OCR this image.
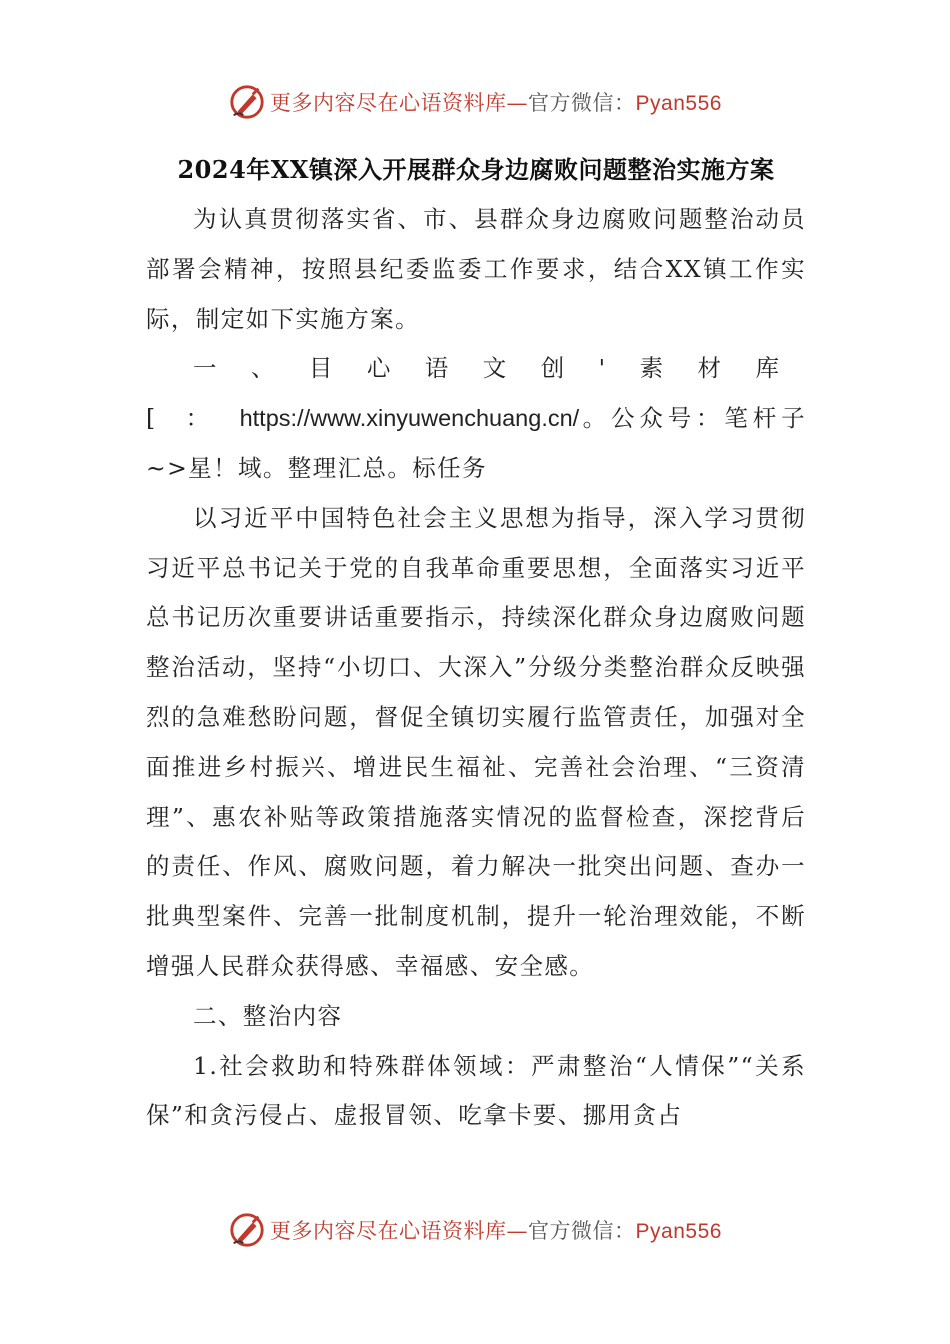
更多内容尽在心语资料库—官方微信：Pyan556
2024年XX镇深入开展群众身边腐败问题整治实施方案

为认真贯彻落实省、市、县群众身边腐败问题整治动员部署会精神，按照县纪委监委工作要求，结合XX镇工作实际，制定如下实施方案。

一、目心语文创'素材库[：https://www.xinyuwenchuang.cn/。公众号：笔杆子~>星！域。整理汇总。标任务

以习近平中国特色社会主义思想为指导，深入学习贯彻习近平总书记关于党的自我革命重要思想，全面落实习近平总书记历次重要讲话重要指示，持续深化群众身边腐败问题整治活动，坚持“小切口、大深入”分级分类整治群众反映强烈的急难愁盼问题，督促全镇切实履行监管责任，加强对全面推进乡村振兴、增进民生福祉、完善社会治理、“三资清理”、惠农补贴等政策措施落实情况的监督检查，深挖背后的责任、作风、腐败问题，着力解决一批突出问题、查办一批典型案件、完善一批制度机制，提升一轮治理效能，不断增强人民群众获得感、幸福感、安全感。

二、整治内容

1.社会救助和特殊群体领域：严肃整治“人情保”“关系保”和贪污侵占、虚报冒领、吃拿卡要、挪用贪占

更多内容尽在心语资料库—官方微信：Pyan556
